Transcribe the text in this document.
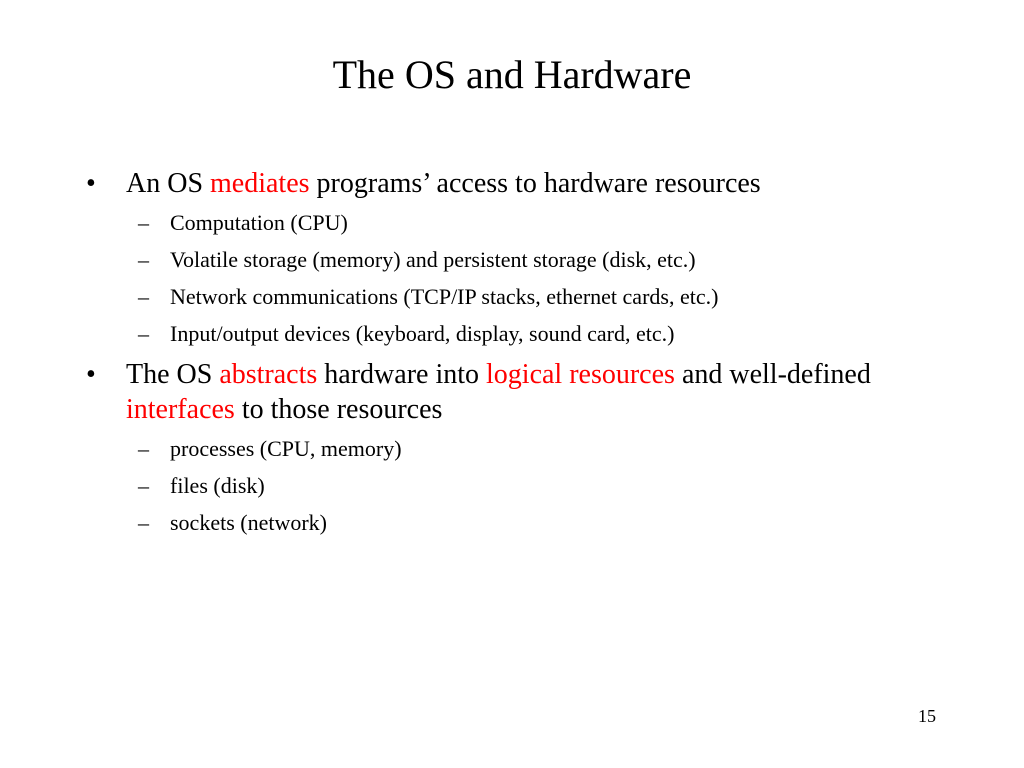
The OS and Hardware
•	An OS mediates programs’ access to hardware resources
– Computation (CPU)
– Volatile storage (memory) and persistent storage (disk, etc.)
– Network communications (TCP/IP stacks, ethernet cards, etc.)
– Input/output devices (keyboard, display, sound card, etc.)
•	The OS abstracts hardware into logical resources and well-defined interfaces to those resources
– processes (CPU, memory)
– files (disk)
– sockets (network)
15
